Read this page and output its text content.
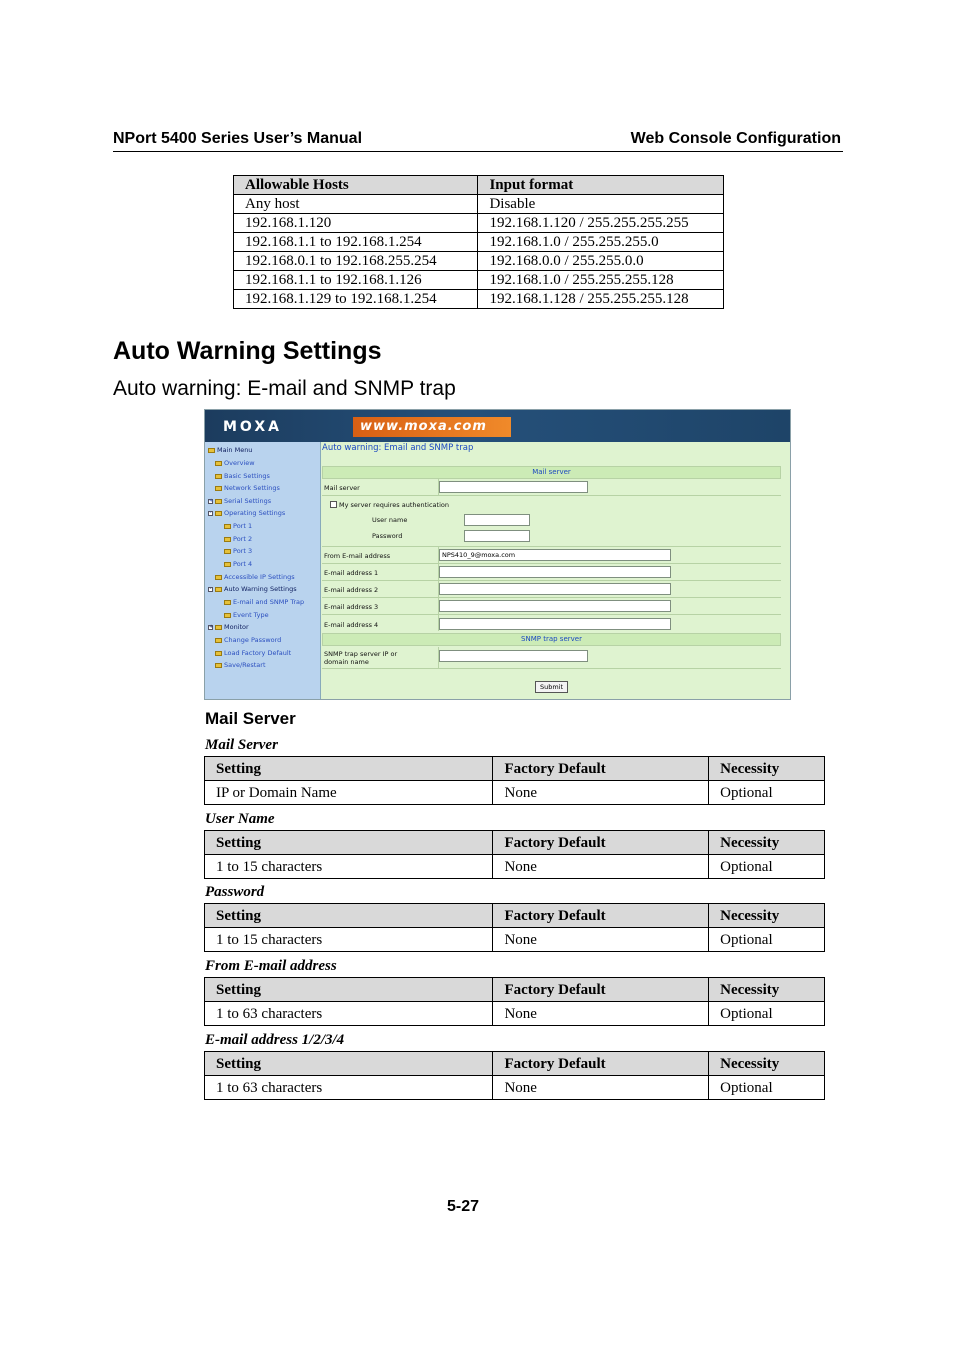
NPort 5400 Series User’s Manual	Web Console Configuration
Allowable Hosts	Input format
Any host	Disable
192.168.1.120	192.168.1.120 / 255.255.255.255
192.168.1.1 to 192.168.1.254	192.168.1.0 / 255.255.255.0
192.168.0.1 to 192.168.255.254	192.168.0.0 / 255.255.0.0
192.168.1.1 to 192.168.1.126	192.168.1.0 / 255.255.255.128
192.168.1.129 to 192.168.1.254	192.168.1.128 / 255.255.255.128
Auto Warning Settings
Auto warning: E-mail and SNMP trap
MOXA	www.moxa.com
Main Menu
Overview
Basic Settings
Network Settings
+ Serial Settings
- Operating Settings
Port 1
Port 2
Port 3
Port 4
Accessible IP Settings
- Auto Warning Settings
E-mail and SNMP Trap
Event Type
+ Monitor
Change Password
Load Factory Default
Save/Restart
Auto warning: Email and SNMP trap
Mail server
Mail server
My server requires authentication
User name
Password
From E-mail address	NPS410_9@moxa.com
E-mail address 1
E-mail address 2
E-mail address 3
E-mail address 4
SNMP trap server
SNMP trap server IP or
domain name
Submit
Mail Server
Mail Server
Setting	Factory Default	Necessity
IP or Domain Name	None	Optional
User Name
Setting	Factory Default	Necessity
1 to 15 characters	None	Optional
Password
Setting	Factory Default	Necessity
1 to 15 characters	None	Optional
From E-mail address
Setting	Factory Default	Necessity
1 to 63 characters	None	Optional
E-mail address 1/2/3/4
Setting	Factory Default	Necessity
1 to 63 characters	None	Optional
5-27
